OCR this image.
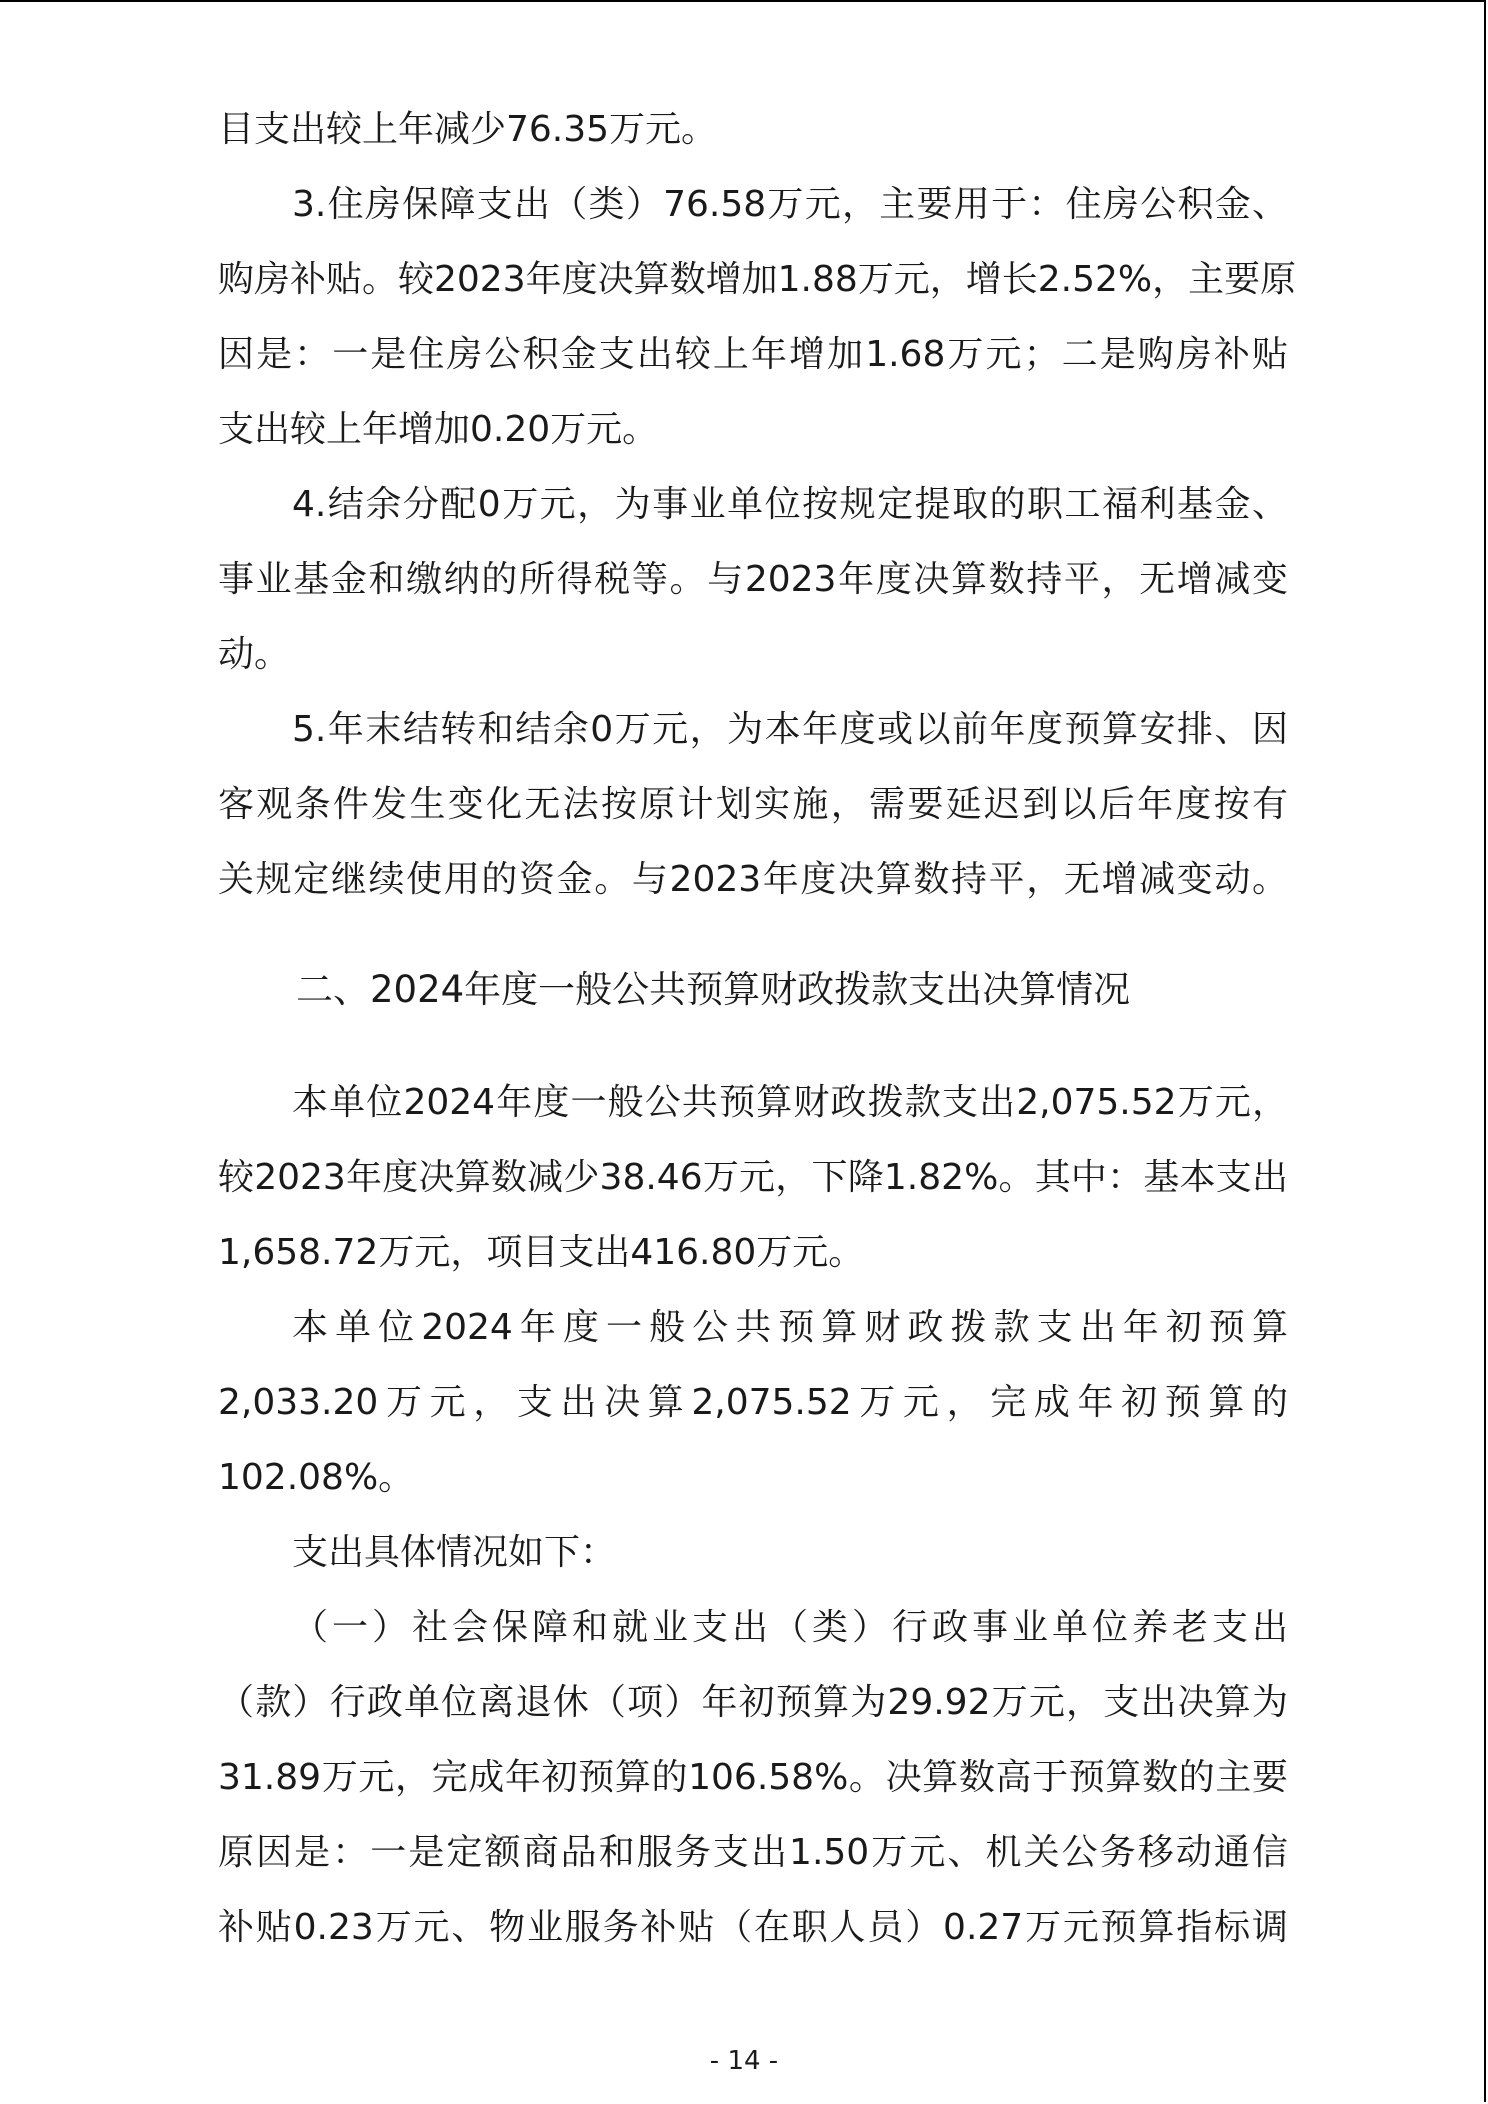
目支出较上年减少76.35万元。
3.住房保障支出（类）76.58万元，主要用于：住房公积金、
购房补贴。较2023年度决算数增加1.88万元，增长2.52%，主要原
因是：一是住房公积金支出较上年增加1.68万元；二是购房补贴
支出较上年增加0.20万元。
4.结余分配0万元，为事业单位按规定提取的职工福利基金、
事业基金和缴纳的所得税等。与2023年度决算数持平，无增减变
动。
5.年末结转和结余0万元，为本年度或以前年度预算安排、因
客观条件发生变化无法按原计划实施，需要延迟到以后年度按有
关规定继续使用的资金。与2023年度决算数持平，无增减变动。
二、2024年度一般公共预算财政拨款支出决算情况
本单位2024年度一般公共预算财政拨款支出2,075.52万元，
较2023年度决算数减少38.46万元，下降1.82%。其中：基本支出
1,658.72万元，项目支出416.80万元。
本单位2024年度一般公共预算财政拨款支出年初预算
2,033.20万元，支出决算2,075.52万元，完成年初预算的
102.08%。
支出具体情况如下：
（一）社会保障和就业支出（类）行政事业单位养老支出
（款）行政单位离退休（项）年初预算为29.92万元，支出决算为
31.89万元，完成年初预算的106.58%。决算数高于预算数的主要
原因是：一是定额商品和服务支出1.50万元、机关公务移动通信
补贴0.23万元、物业服务补贴（在职人员）0.27万元预算指标调
- 14 -
